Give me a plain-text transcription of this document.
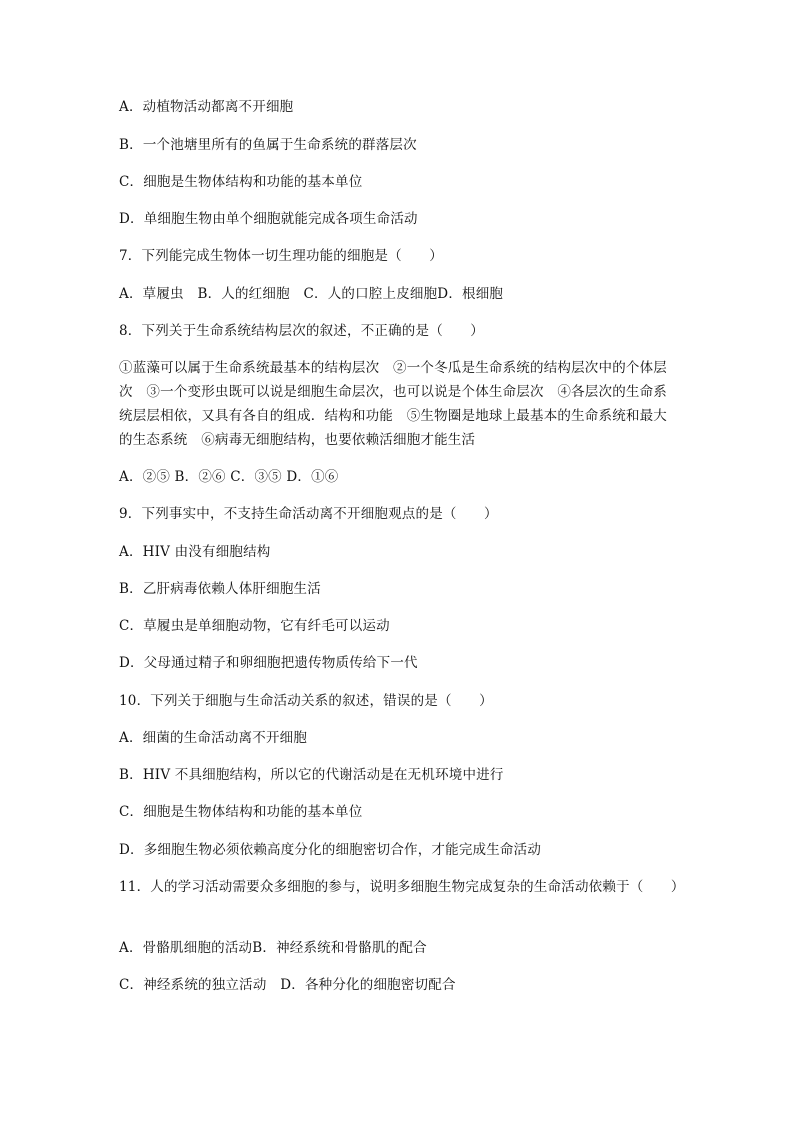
A．动植物活动都离不开细胞
B．一个池塘里所有的鱼属于生命系统的群落层次
C．细胞是生物体结构和功能的基本单位
D．单细胞生物由单个细胞就能完成各项生命活动
7．下列能完成生物体一切生理功能的细胞是（　　）
A．草履虫　B．人的红细胞　C．人的口腔上皮细胞D．根细胞
8．下列关于生命系统结构层次的叙述，不正确的是（　　）
①蓝藻可以属于生命系统最基本的结构层次　②一个冬瓜是生命系统的结构层次中的个体层次　③一个变形虫既可以说是细胞生命层次，也可以说是个体生命层次　④各层次的生命系统层层相依，又具有各自的组成．结构和功能　⑤生物圈是地球上最基本的生命系统和最大的生态系统　⑥病毒无细胞结构，也要依赖活细胞才能生活
A．②⑤ B．②⑥ C．③⑤ D．①⑥
9．下列事实中，不支持生命活动离不开细胞观点的是（　　）
A．HIV 由没有细胞结构
B．乙肝病毒依赖人体肝细胞生活
C．草履虫是单细胞动物，它有纤毛可以运动
D．父母通过精子和卵细胞把遗传物质传给下一代
10．下列关于细胞与生命活动关系的叙述，错误的是（　　）
A．细菌的生命活动离不开细胞
B．HIV 不具细胞结构，所以它的代谢活动是在无机环境中进行
C．细胞是生物体结构和功能的基本单位
D．多细胞生物必须依赖高度分化的细胞密切合作，才能完成生命活动
11．人的学习活动需要众多细胞的参与，说明多细胞生物完成复杂的生命活动依赖于（　　）
A．骨骼肌细胞的活动B．神经系统和骨骼肌的配合
C．神经系统的独立活动　D．各种分化的细胞密切配合
